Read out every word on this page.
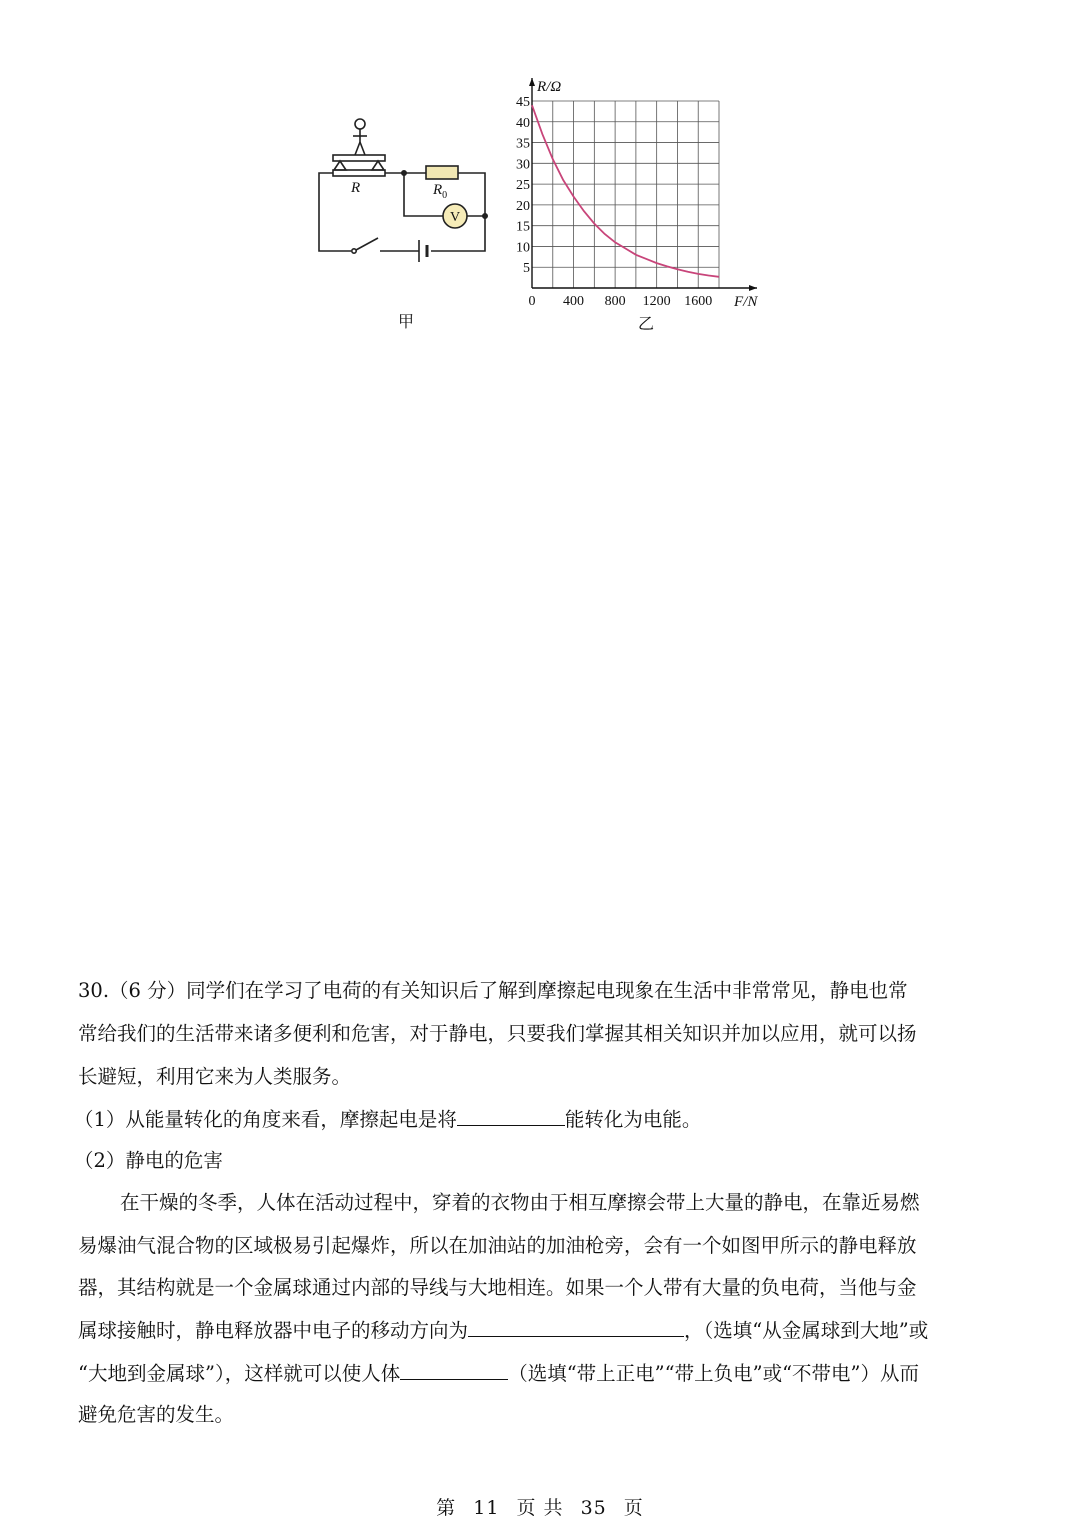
R	$R_0$
V
甲
R/Ω
F/N
5
10
15
20
25
30
35
40
45
0 400 800 1200 1600
乙
30.（6 分）同学们在学习了电荷的有关知识后了解到摩擦起电现象在生活中非常常见，静电也常
常给我们的生活带来诸多便利和危害，对于静电，只要我们掌握其相关知识并加以应用，就可以扬
长避短，利用它来为人类服务。
（1）从能量转化的角度来看，摩擦起电是将	能转化为电能。
（2）静电的危害
在干燥的冬季，人体在活动过程中，穿着的衣物由于相互摩擦会带上大量的静电，在靠近易燃
易爆油气混合物的区域极易引起爆炸，所以在加油站的加油枪旁，会有一个如图甲所示的静电释放
器，其结构就是一个金属球通过内部的导线与大地相连。如果一个人带有大量的负电荷，当他与金
属球接触时，静电释放器中电子的移动方向为	，（选填“从金属球到大地”或
“大地到金属球”），这样就可以使人体	（选填“带上正电”“带上负电”或“不带电”）从而
避免危害的发生。
第 11 页 共 35 页
